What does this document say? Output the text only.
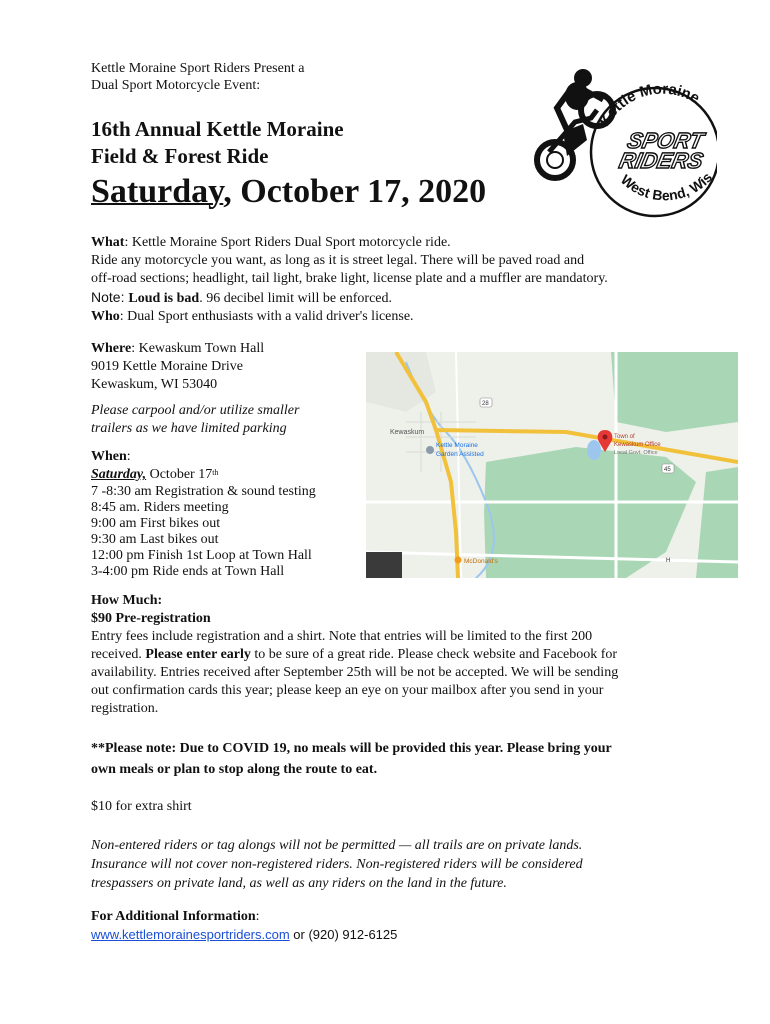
Kettle Moraine Sport Riders Present a
Dual Sport Motorcycle Event:
16th Annual Kettle Moraine
Field & Forest Ride
Saturday, October 17, 2020
Kettle Moraine
West Bend, Wis
SPORT
RIDERS

What: Kettle Moraine Sport Riders Dual Sport motorcycle ride.

Ride any motorcycle you want, as long as it is street legal. There will be paved road and

off-road sections; headlight, tail light, brake light, license plate and a muffler are mandatory.

Note: Loud is bad. 96 decibel limit will be enforced.

Who: Dual Sport enthusiasts with a valid driver's license.

Where: Kewaskum Town Hall

9019 Kettle Moraine Drive

Kewaskum, WI 53040

Please carpool and/or utilize smaller

trailers as we have limited parking	Kewaskum
28
45
H
Kettle Moraine
Garden Assisted
Town of
Kewaskum Office
Local Govt. Office
McDonald's

When:

Saturday, October 17th

7 -8:30 am Registration & sound testing
8:45 am. Riders meeting
9:00 am First bikes out
9:30 am Last bikes out
12:00 pm Finish 1st Loop at Town Hall
3-4:00 pm Ride ends at Town Hall

How Much:

$90 Pre-registration

Entry fees include registration and a shirt. Note that entries will be limited to the first 200

received. Please enter early to be sure of a great ride. Please check website and Facebook for

availability. Entries received after September 25th will be not be accepted. We will be sending

out confirmation cards this year; please keep an eye on your mailbox after you send in your

registration.

**Please note: Due to COVID 19, no meals will be provided this year. Please bring your

own meals or plan to stop along the route to eat.

$10 for extra shirt

Non-entered riders or tag alongs will not be permitted — all trails are on private lands.

Insurance will not cover non-registered riders. Non-registered riders will be considered

trespassers on private land, as well as any riders on the land in the future.

For Additional Information:

www.kettlemorainesportriders.com or (920) 912-6125
